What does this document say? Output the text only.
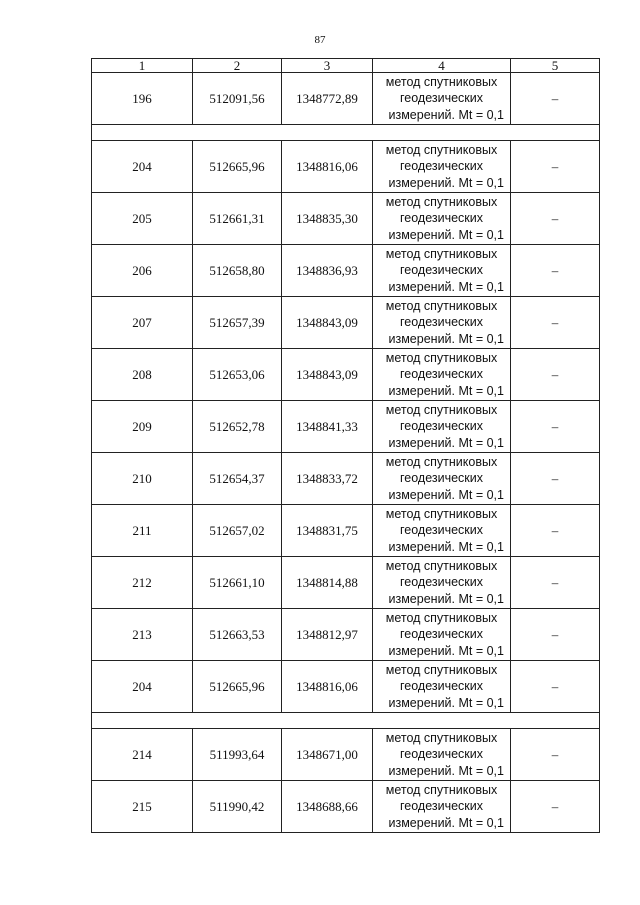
87
1	2	3	4	5
196	512091,56	1348772,89	метод спутниковых
геодезических
измерений. Mt = 0,1	–

204	512665,96	1348816,06	метод спутниковых
геодезических
измерений. Mt = 0,1	–
205	512661,31	1348835,30	метод спутниковых
геодезических
измерений. Mt = 0,1	–
206	512658,80	1348836,93	метод спутниковых
геодезических
измерений. Mt = 0,1	–
207	512657,39	1348843,09	метод спутниковых
геодезических
измерений. Mt = 0,1	–
208	512653,06	1348843,09	метод спутниковых
геодезических
измерений. Mt = 0,1	–
209	512652,78	1348841,33	метод спутниковых
геодезических
измерений. Mt = 0,1	–
210	512654,37	1348833,72	метод спутниковых
геодезических
измерений. Mt = 0,1	–
211	512657,02	1348831,75	метод спутниковых
геодезических
измерений. Mt = 0,1	–
212	512661,10	1348814,88	метод спутниковых
геодезических
измерений. Mt = 0,1	–
213	512663,53	1348812,97	метод спутниковых
геодезических
измерений. Mt = 0,1	–
204	512665,96	1348816,06	метод спутниковых
геодезических
измерений. Mt = 0,1	–

214	511993,64	1348671,00	метод спутниковых
геодезических
измерений. Mt = 0,1	–
215	511990,42	1348688,66	метод спутниковых
геодезических
измерений. Mt = 0,1	–
